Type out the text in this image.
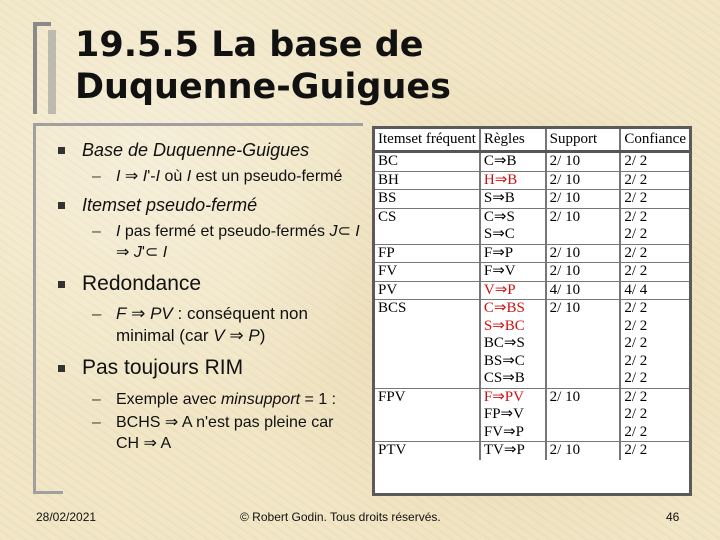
19.5.5 La base de
Duquenne-Guigues
Base de Duquenne-Guigues
– I ⇒ I'-I où I est un pseudo-fermé
Itemset pseudo-fermé
– I pas fermé et pseudo-fermés J⊂ I ⇒ J'⊂ I
Redondance
– F ⇒ PV : conséquent non minimal (car V ⇒ P)
Pas toujours RIM
– Exemple avec minsupport = 1 :
– BCHS ⇒ A n'est pas pleine car CH ⇒ A
Itemset fréquent	Règles	Support	Confiance
BC	C⇒B	2/ 10	2/ 2
BH	H⇒B	2/ 10	2/ 2
BS	S⇒B	2/ 10	2/ 2
CS	C⇒S	2/ 10	2/ 2
	S⇒C		2/ 2
FP	F⇒P	2/ 10	2/ 2
FV	F⇒V	2/ 10	2/ 2
PV	V⇒P	4/ 10	4/ 4
BCS	C⇒BS	2/ 10	2/ 2
	S⇒BC		2/ 2
	BC⇒S		2/ 2
	BS⇒C		2/ 2
	CS⇒B		2/ 2
FPV	F⇒PV	2/ 10	2/ 2
	FP⇒V		2/ 2
	FV⇒P		2/ 2
PTV	TV⇒P	2/ 10	2/ 2
28/02/2021	© Robert Godin. Tous droits réservés.	46
